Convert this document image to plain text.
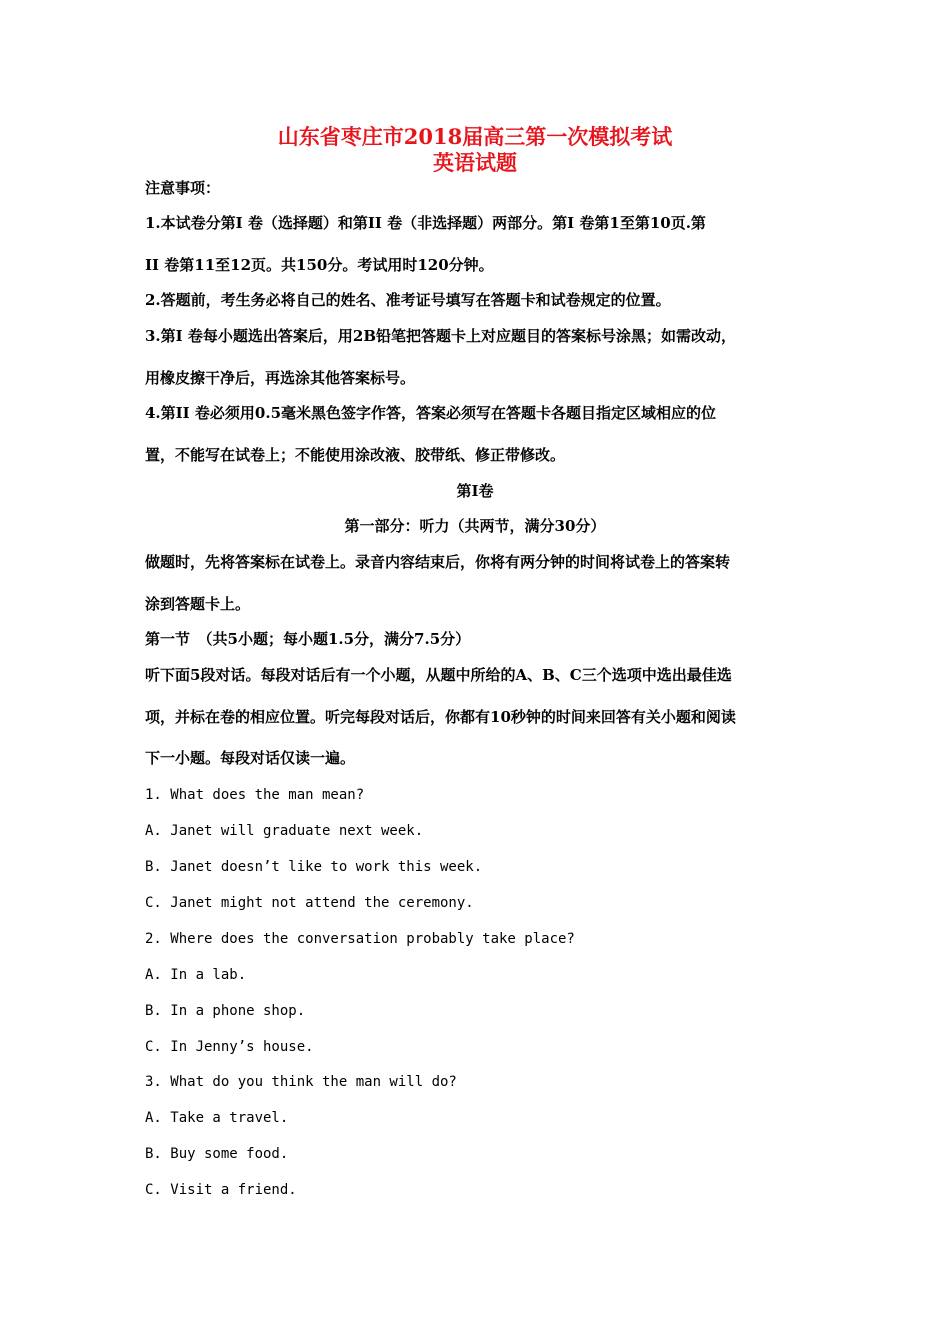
山东省枣庄市2018届高三第一次模拟考试
英语试题
注意事项：
1.本试卷分第Ⅰ 卷（选择题）和第II 卷（非选择题）两部分。第Ⅰ 卷第1至第10页.第
II 卷第11至12页。共150分。考试用时120分钟。
2.答题前，考生务必将自己的姓名、准考证号填写在答题卡和试卷规定的位置。
3.第Ⅰ 卷每小题选出答案后，用2B铅笔把答题卡上对应题目的答案标号涂黑；如需改动，
用橡皮擦干净后，再选涂其他答案标号。
4.第II 卷必须用0.5毫米黑色签字作答，答案必须写在答题卡各题目指定区域相应的位
置，不能写在试卷上；不能使用涂改液、胶带纸、修正带修改。
第I卷
第一部分：听力（共两节，满分30分）
做题时，先将答案标在试卷上。录音内容结束后，你将有两分钟的时间将试卷上的答案转
涂到答题卡上。
第一节　（共5小题；每小题1.5分，满分7.5分）
听下面5段对话。每段对话后有一个小题，从题中所给的A、B、C三个选项中选出最佳选
项，并标在卷的相应位置。听完每段对话后，你都有10秒钟的时间来回答有关小题和阅读
下一小题。每段对话仅读一遍。
1. What does the man mean?
A. Janet will graduate next week.
B. Janet doesn’t like to work this week.
C. Janet might not attend the ceremony.
2. Where does the conversation probably take place?
A. In a lab.
B. In a phone shop.
C. In Jenny’s house.
3. What do you think the man will do?
A. Take a travel.
B. Buy some food.
C. Visit a friend.
